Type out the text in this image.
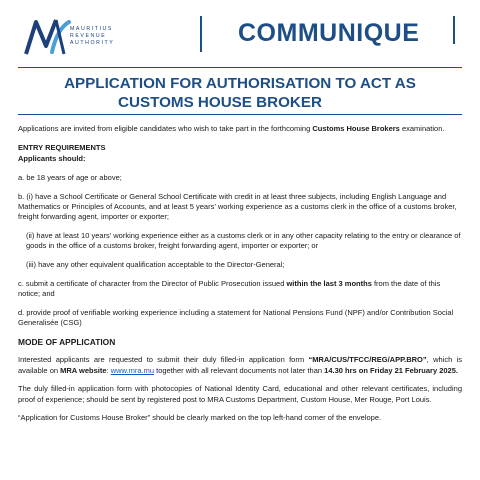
MAURITIUS
REVENUE
AUTHORITY	COMMUNIQUE
APPLICATION FOR AUTHORISATION TO ACT AS
CUSTOMS HOUSE BROKER

Applications are invited from eligible candidates who wish to take part in the forthcoming Customs House Brokers examination.

ENTRY REQUIREMENTS

Applicants should:

a. be 18 years of age or above;

b. (i) have a School Certificate or General School Certificate with credit in at least three subjects, including English Language and Mathematics or Principles of Accounts, and at least 5 years’ working experience as a customs clerk in the office of a customs broker, freight forwarding agent, importer or exporter;

(ii) have at least 10 years’ working experience either as a customs clerk or in any other capacity relating to the entry or clearance of goods in the office of a customs broker, freight forwarding agent, importer or exporter; or

(iii) have any other equivalent qualification acceptable to the Director-General;

c. submit a certificate of character from the Director of Public Prosecution issued within the last 3 months from the date of this notice; and

d. provide proof of verifiable working experience including a statement for National Pensions Fund (NPF) and/or Contribution Social Generalisée (CSG)

MODE OF APPLICATION

Interested applicants are requested to submit their duly filled-in application form “MRA/CUS/TFCC/REG/APP.BRO”, which is available on MRA website: www.mra.mu together with all relevant documents not later than 14.30 hrs on Friday 21 February 2025.

The duly filled-in application form with photocopies of National Identity Card, educational and other relevant certificates, including proof of experience; should be sent by registered post to MRA Customs Department, Custom House, Mer Rouge, Port Louis.

“Application for Customs House Broker” should be clearly marked on the top left-hand corner of the envelope.
